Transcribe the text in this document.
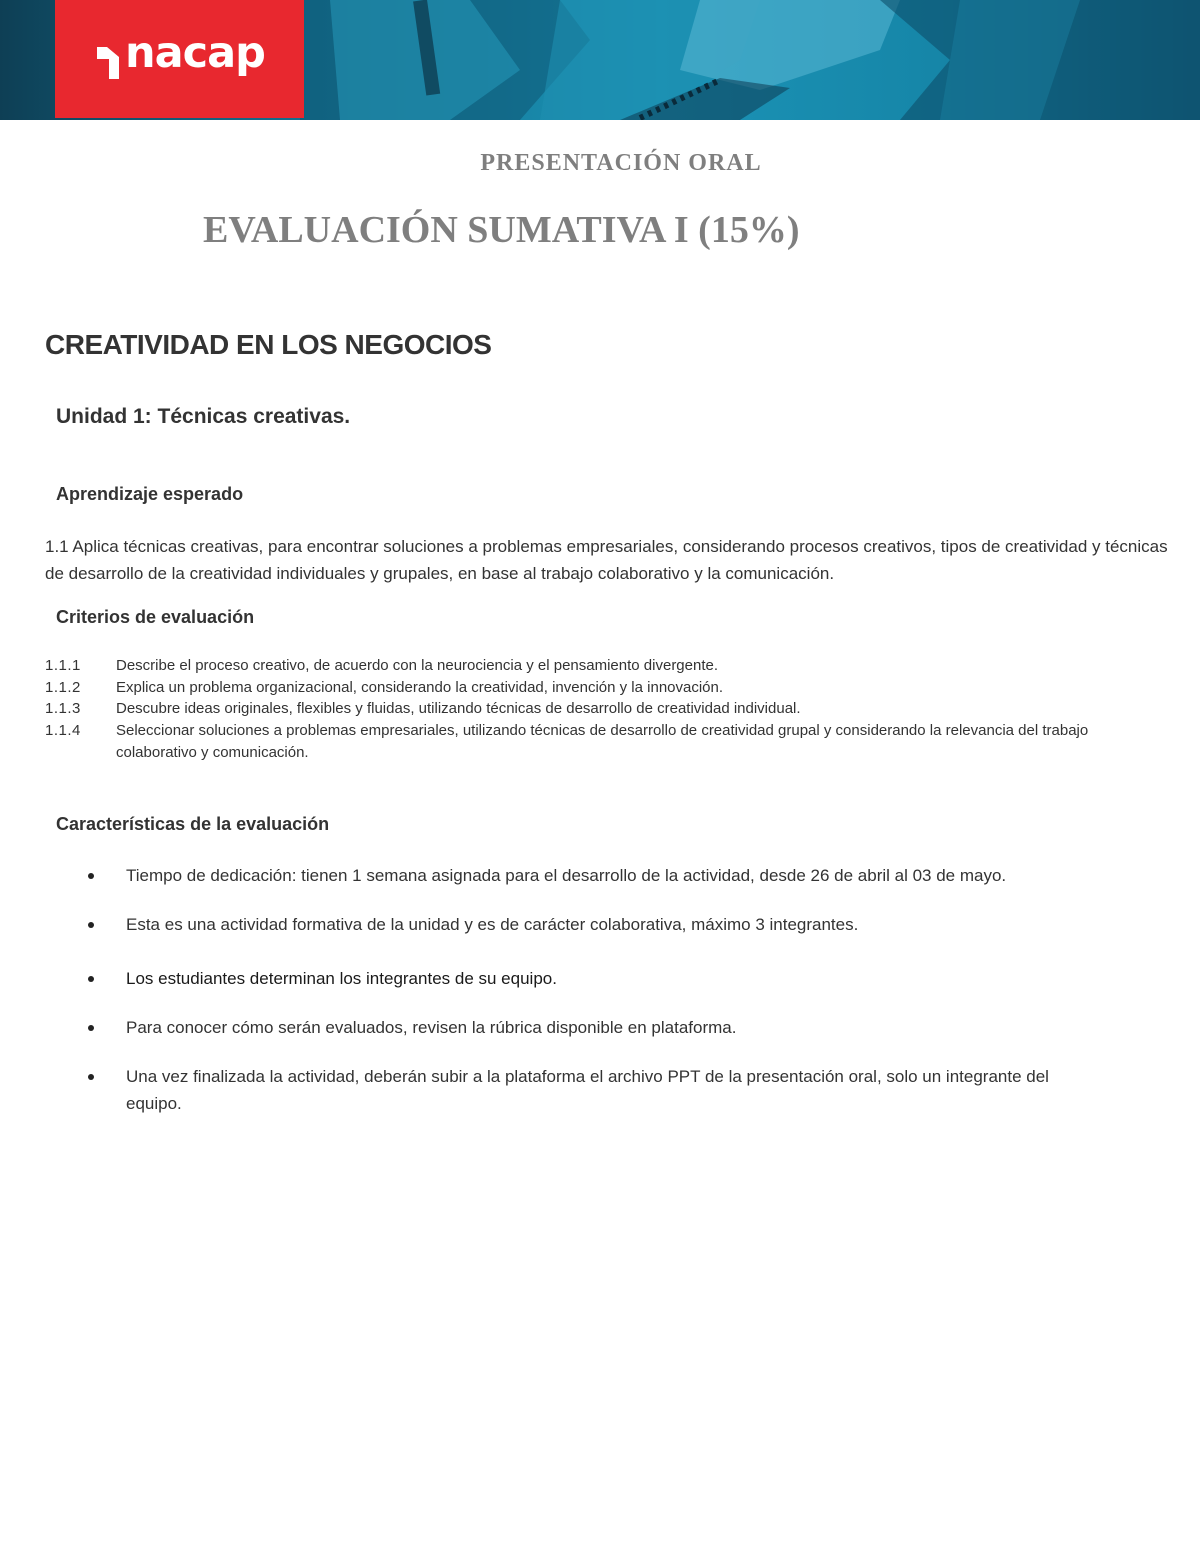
nacap
PRESENTACIÓN ORAL
EVALUACIÓN SUMATIVA I (15%)
CREATIVIDAD EN LOS NEGOCIOS
Unidad 1: Técnicas creativas.
Aprendizaje esperado
1.1 Aplica técnicas creativas, para encontrar soluciones a problemas empresariales, considerando procesos creativos, tipos de creatividad y técnicas de desarrollo de la creatividad individuales y grupales, en base al trabajo colaborativo y la comunicación.
Criterios de evaluación
1.1.1 Describe el proceso creativo, de acuerdo con la neurociencia y el pensamiento divergente.
1.1.2 Explica un problema organizacional, considerando la creatividad, invención y la innovación.
1.1.3 Descubre ideas originales, flexibles y fluidas, utilizando técnicas de desarrollo de creatividad individual.
1.1.4 Seleccionar soluciones a problemas empresariales, utilizando técnicas de desarrollo de creatividad grupal y considerando la relevancia del trabajo colaborativo y comunicación.
Características de la evaluación
Tiempo de dedicación: tienen 1 semana asignada para el desarrollo de la actividad, desde 26 de abril al 03 de mayo.
Esta es una actividad formativa de la unidad y es de carácter colaborativa, máximo 3 integrantes.
Los estudiantes determinan los integrantes de su equipo.
Para conocer cómo serán evaluados, revisen la rúbrica disponible en plataforma.
Una vez finalizada la actividad, deberán subir a la plataforma el archivo PPT de la presentación oral, solo un integrante del equipo.
